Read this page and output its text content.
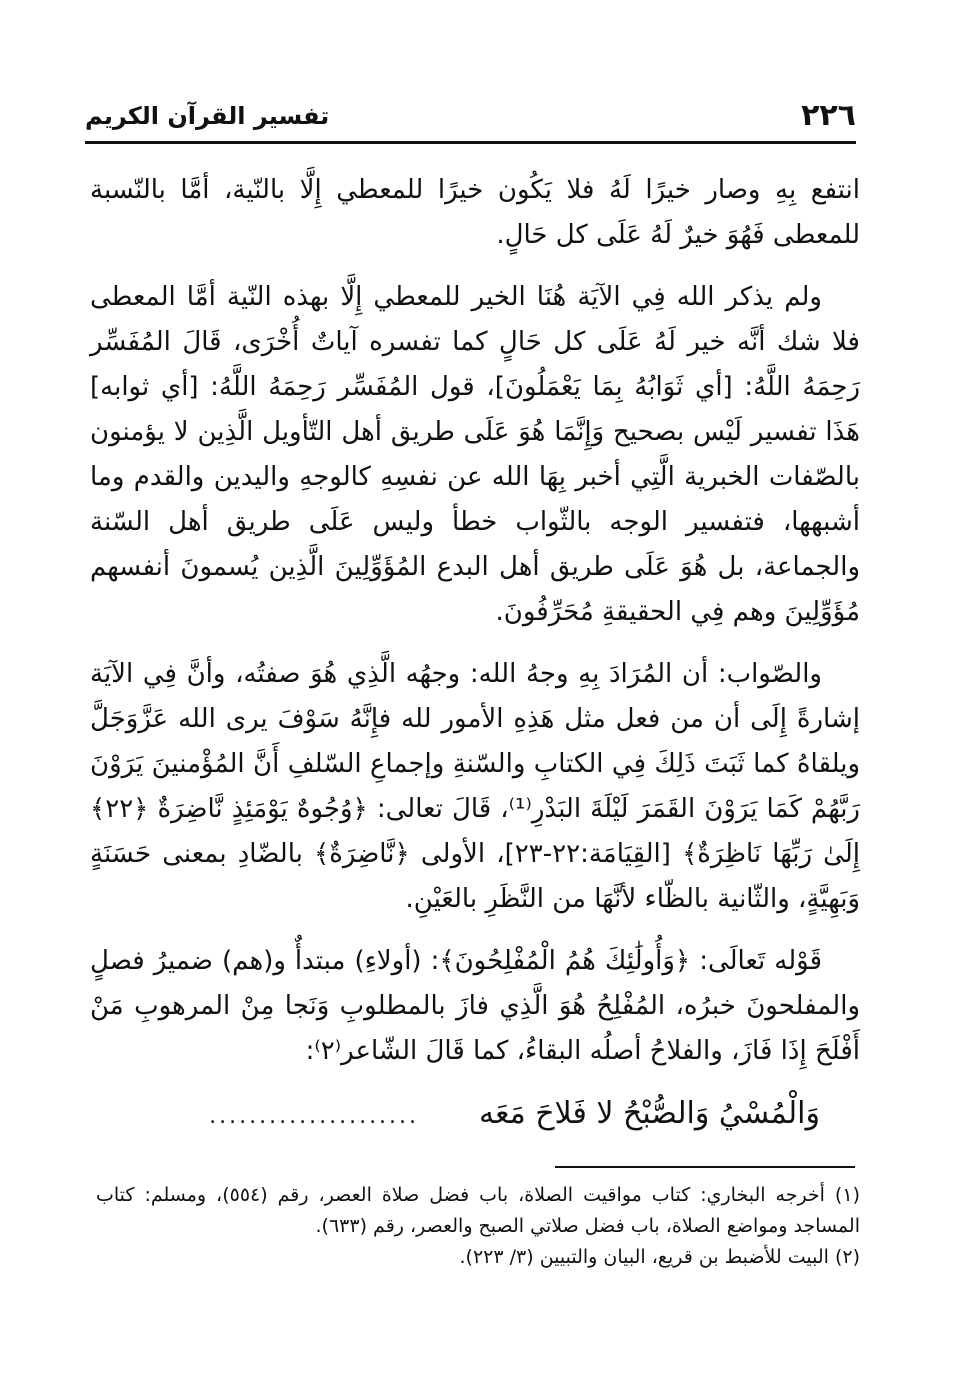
٢٢٦
تفسير القرآن الكريم

انتفع بِهِ وصار خيرًا لَهُ فلا يَكُون خيرًا للمعطي إِلَّا بالنّية، أمَّا بالنّسبة للمعطى فَهُوَ خيرٌ لَهُ عَلَى كل حَالٍ.

ولم يذكر الله فِي الآيَة هُنَا الخير للمعطي إِلَّا بهذه النّية أمَّا المعطى فلا شك أنَّه خير لَهُ عَلَى كل حَالٍ كما تفسره آياتٌ أُخْرَى، قَالَ المُفَسِّر رَحِمَهُ اللَّهُ: [أي ثَوَابُهُ بِمَا يَعْمَلُونَ]، قول المُفَسِّر رَحِمَهُ اللَّهُ: [أي ثوابه] هَذَا تفسير لَيْس بصحيح وَإِنَّمَا هُوَ عَلَى طريق أهل التّأويل الَّذِين لا يؤمنون بالصّفات الخبرية الَّتِي أخبر بِهَا الله عن نفسِهِ كالوجهِ واليدين والقدم وما أشبهها، فتفسير الوجه بالثّواب خطأ وليس عَلَى طريق أهل السّنة والجماعة، بل هُوَ عَلَى طريق أهل البدع المُؤَوِّلِينَ الَّذِين يُسمونَ أنفسهم مُؤَوِّلِينَ وهم فِي الحقيقةِ مُحَرِّفُونَ.

والصّواب: أن المُرَادَ بِهِ وجهُ الله: وجهُه الَّذِي هُوَ صفتُه، وأنَّ فِي الآيَة إشارةً إِلَى أن من فعل مثل هَذِهِ الأمور لله فإِنَّهُ سَوْفَ يرى الله عَزَّوَجَلَّ ويلقاهُ كما ثَبَتَ ذَلِكَ فِي الكتابِ والسّنةِ وإجماعِ السّلفِ أَنَّ المُؤْمنينَ يَرَوْنَ رَبَّهُمْ كَمَا يَرَوْنَ القَمَرَ لَيْلَةَ البَدْرِ⁽¹⁾، قَالَ تعالى: ﴿وُجُوهٌ يَوْمَئِذٍ نَّاضِرَةٌ ﴿٢٢﴾ إِلَىٰ رَبِّهَا نَاظِرَةٌ﴾ [القِيَامَة:٢٢-٢٣]، الأولى ﴿نَّاضِرَةٌ﴾ بالضّادِ بمعنى حَسَنَةٍ وَبَهِيَّةٍ، والثّانية بالظّاء لأنَّهَا من النَّظَرِ بالعَيْنِ.

قَوْله تَعالَى: ﴿وَأُولَٰئِكَ هُمُ الْمُفْلِحُونَ﴾: (أولاءِ) مبتدأٌ و(هم) ضميرُ فصلٍ والمفلحونَ خبرُه، المُفْلِحُ هُوَ الَّذِي فازَ بالمطلوبِ وَنَجا مِنْ المرهوبِ مَنْ أَفْلَحَ إِذَا فَازَ، والفلاحُ أصلُه البقاءُ، كما قَالَ الشّاعر⁽٢⁾:

وَالْمُسْيُ وَالصُّبْحُ لا فَلاحَ مَعَه
.....................

(١) أخرجه البخاري: كتاب مواقيت الصلاة، باب فضل صلاة العصر، رقم (٥٥٤)، ومسلم: كتاب المساجد ومواضع الصلاة، باب فضل صلاتي الصبح والعصر، رقم (٦٣٣).

(٢) البيت للأضبط بن قريع، البيان والتبيين (٣/ ٢٢٣).
